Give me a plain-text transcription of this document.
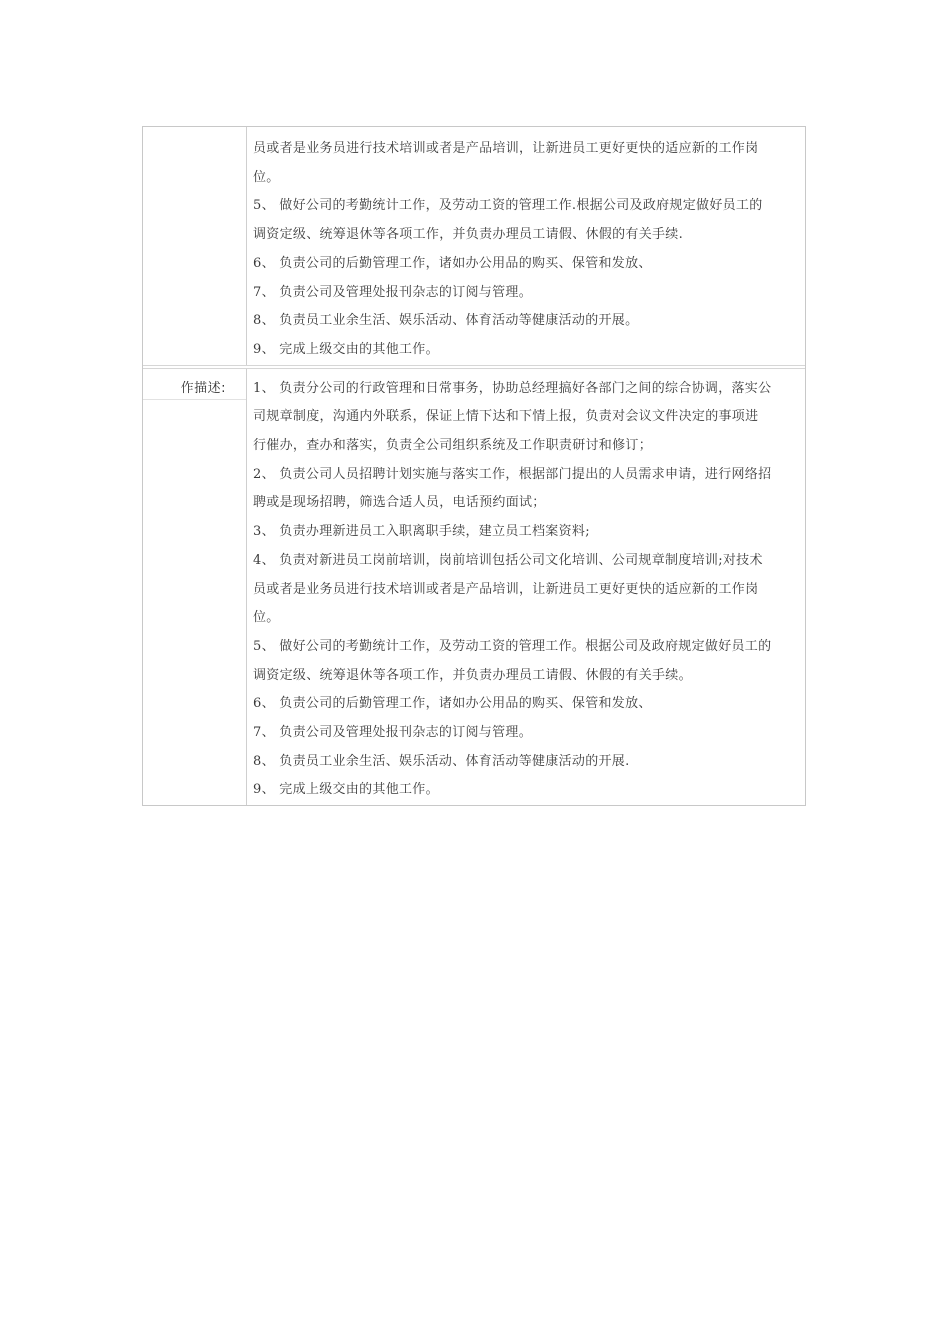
员或者是业务员进行技术培训或者是产品培训，让新进员工更好更快的适应新的工作岗
位。
5、 做好公司的考勤统计工作，及劳动工资的管理工作.根据公司及政府规定做好员工的
调资定级、统筹退休等各项工作，并负责办理员工请假、休假的有关手续.
6、 负责公司的后勤管理工作，诸如办公用品的购买、保管和发放、
7、 负责公司及管理处报刊杂志的订阅与管理。
8、 负责员工业余生活、娱乐活动、体育活动等健康活动的开展。
9、 完成上级交由的其他工作。
作描述: 1、 负责分公司的行政管理和日常事务，协助总经理搞好各部门之间的综合协调，落实公
司规章制度，沟通内外联系，保证上情下达和下情上报，负责对会议文件决定的事项进
行催办，查办和落实，负责全公司组织系统及工作职责研讨和修订；
2、 负责公司人员招聘计划实施与落实工作，根据部门提出的人员需求申请，进行网络招
聘或是现场招聘，筛选合适人员，电话预约面试；
3、 负责办理新进员工入职离职手续，建立员工档案资料;
4、 负责对新进员工岗前培训，岗前培训包括公司文化培训、公司规章制度培训;对技术
员或者是业务员进行技术培训或者是产品培训，让新进员工更好更快的适应新的工作岗
位。
5、 做好公司的考勤统计工作，及劳动工资的管理工作。根据公司及政府规定做好员工的
调资定级、统筹退休等各项工作，并负责办理员工请假、休假的有关手续。
6、 负责公司的后勤管理工作，诸如办公用品的购买、保管和发放、
7、 负责公司及管理处报刊杂志的订阅与管理。
8、 负责员工业余生活、娱乐活动、体育活动等健康活动的开展.
9、 完成上级交由的其他工作。
